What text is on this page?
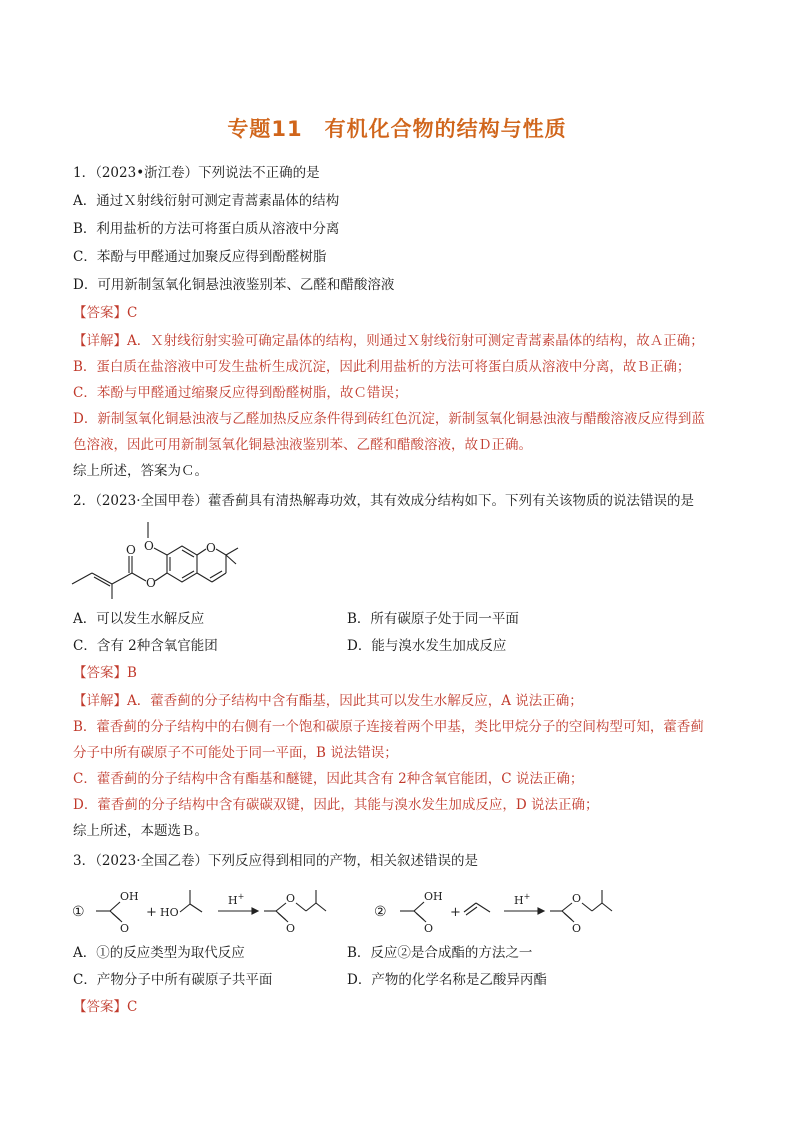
专题11　有机化合物的结构与性质
1．（2023•浙江卷）下列说法不正确的是
A．通过Ｘ射线衍射可测定青蒿素晶体的结构
B．利用盐析的方法可将蛋白质从溶液中分离
C．苯酚与甲醛通过加聚反应得到酚醛树脂
D．可用新制氢氧化铜悬浊液鉴别苯、乙醛和醋酸溶液
【答案】C
【详解】A．Ｘ射线衍射实验可确定晶体的结构，则通过Ｘ射线衍射可测定青蒿素晶体的结构，故Ａ正确；
B．蛋白质在盐溶液中可发生盐析生成沉淀，因此利用盐析的方法可将蛋白质从溶液中分离，故Ｂ正确；
C．苯酚与甲醛通过缩聚反应得到酚醛树脂，故Ｃ错误；
D．新制氢氧化铜悬浊液与乙醛加热反应条件得到砖红色沉淀，新制氢氧化铜悬浊液与醋酸溶液反应得到蓝
色溶液，因此可用新制氢氧化铜悬浊液鉴别苯、乙醛和醋酸溶液，故Ｄ正确。
综上所述，答案为Ｃ。
2．（2023·全国甲卷）藿香蓟具有清热解毒功效，其有效成分结构如下。下列有关该物质的说法错误的是
O
O
O	O
A．可以发生水解反应	B．所有碳原子处于同一平面
C．含有 2种含氧官能团	D．能与溴水发生加成反应
【答案】B
【详解】A．藿香蓟的分子结构中含有酯基，因此其可以发生水解反应，A 说法正确；
B．藿香蓟的分子结构中的右侧有一个饱和碳原子连接着两个甲基，类比甲烷分子的空间构型可知，藿香蓟
分子中所有碳原子不可能处于同一平面，B 说法错误；
C．藿香蓟的分子结构中含有酯基和醚键，因此其含有 2种含氧官能团，C 说法正确；
D．藿香蓟的分子结构中含有碳碳双键，因此，其能与溴水发生加成反应，D 说法正确；
综上所述，本题选Ｂ。
3．（2023·全国乙卷）下列反应得到相同的产物，相关叙述错误的是
①
OH
O
+ HO
H+	O
O
②
OH
O
+
H+	O
O
A．①的反应类型为取代反应	B．反应②是合成酯的方法之一
C．产物分子中所有碳原子共平面	D．产物的化学名称是乙酸异丙酯
【答案】C
